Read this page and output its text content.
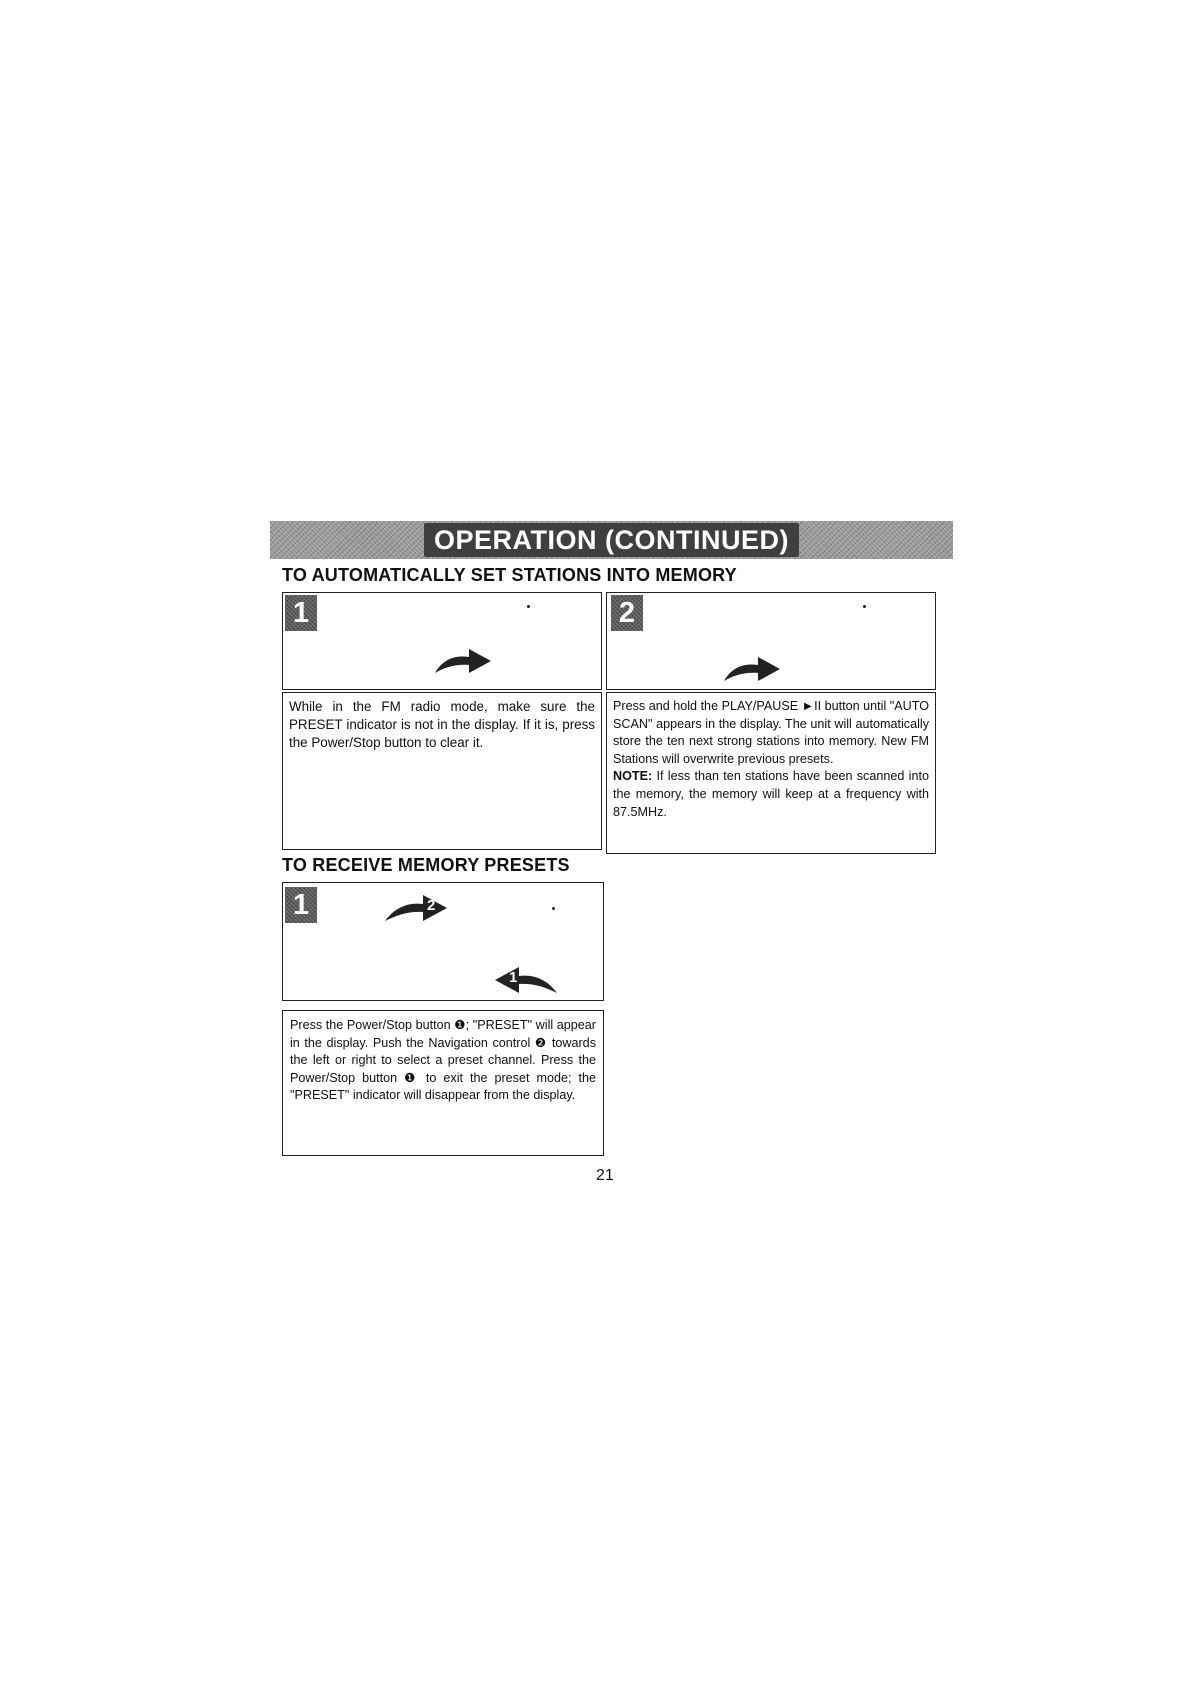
OPERATION (CONTINUED)
TO AUTOMATICALLY SET STATIONS INTO MEMORY
1
While in the FM radio mode, make sure the PRESET indicator is not in the display. If it is, press the Power/Stop button to clear it.
2
Press and hold the PLAY/PAUSE ►II button until "AUTO SCAN" appears in the display. The unit will automatically store the ten next strong stations into memory. New FM Stations will overwrite previous presets.
NOTE: If less than ten stations have been scanned into the memory, the memory will keep at a frequency with 87.5MHz.
TO RECEIVE MEMORY PRESETS
1	2
1
Press the Power/Stop button ❶; "PRESET" will appear in the display. Push the Navigation control ❷ towards the left or right to select a preset channel. Press the Power/Stop button ❶ to exit the preset mode; the "PRESET" indicator will disappear from the display.
21
